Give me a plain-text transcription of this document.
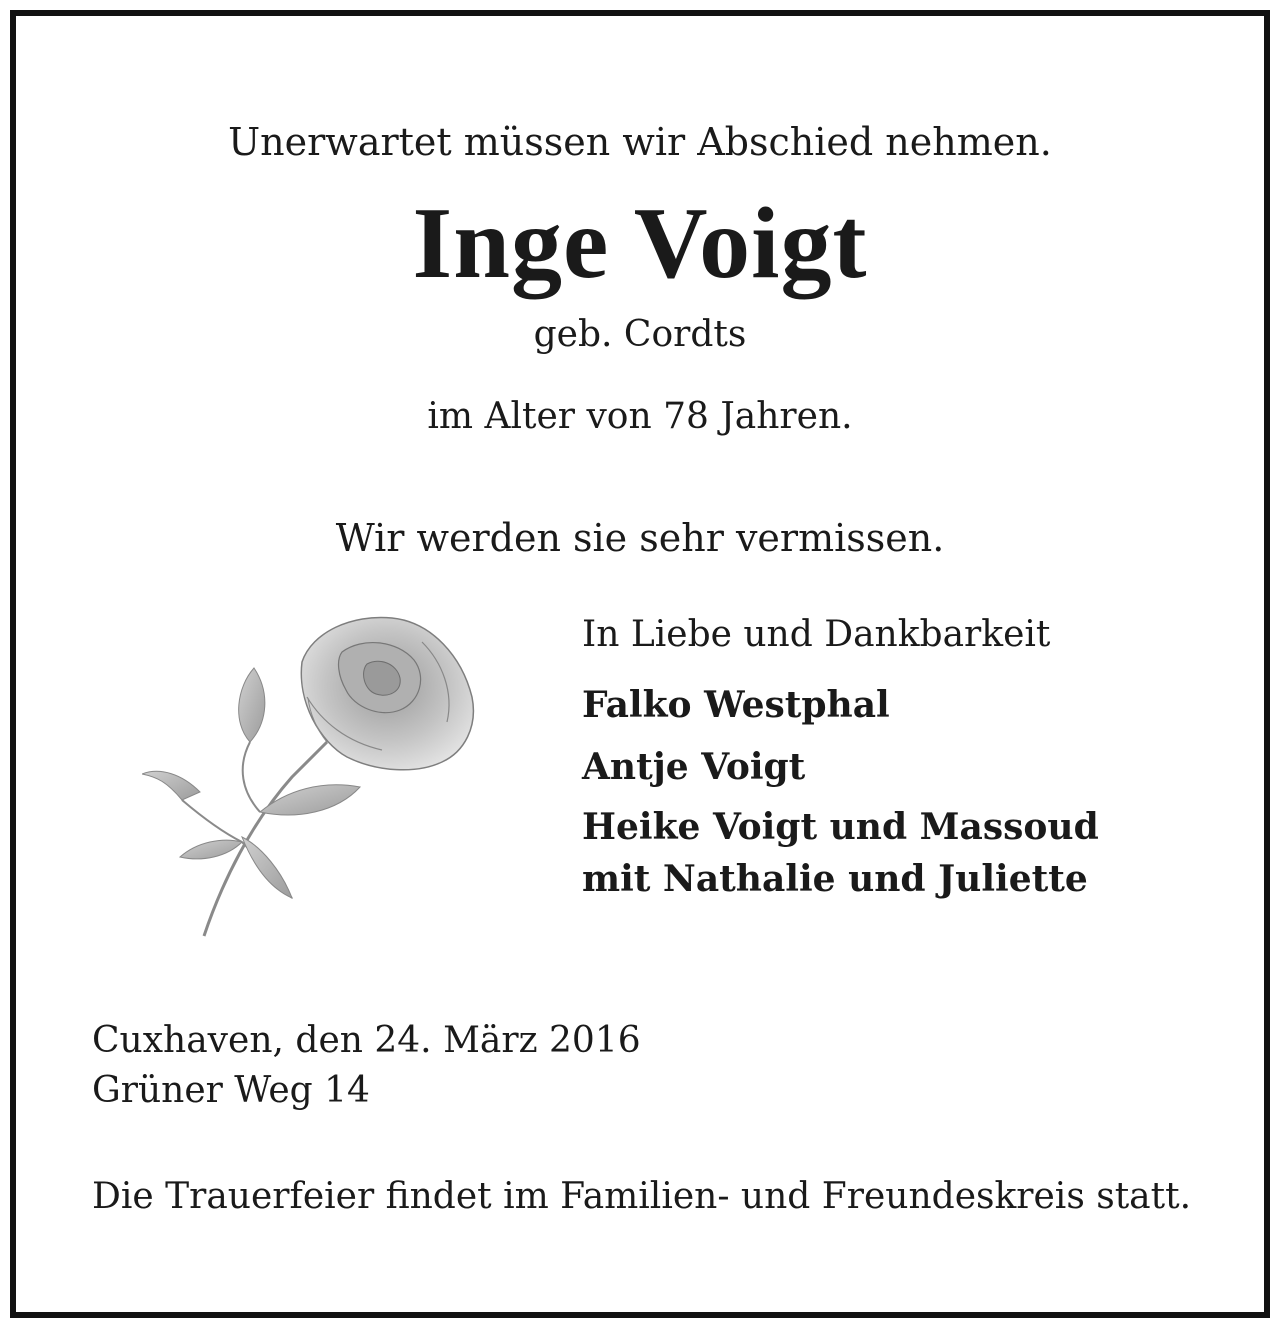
Unerwartet müssen wir Abschied nehmen.
Inge Voigt
geb. Cordts
im Alter von 78 Jahren.
Wir werden sie sehr vermissen.
In Liebe und Dankbarkeit
Falko Westphal
Antje Voigt
Heike Voigt und Massoud
mit Nathalie und Juliette
Cuxhaven, den 24. März 2016
Grüner Weg 14
Die Trauerfeier findet im Familien- und Freundeskreis statt.
